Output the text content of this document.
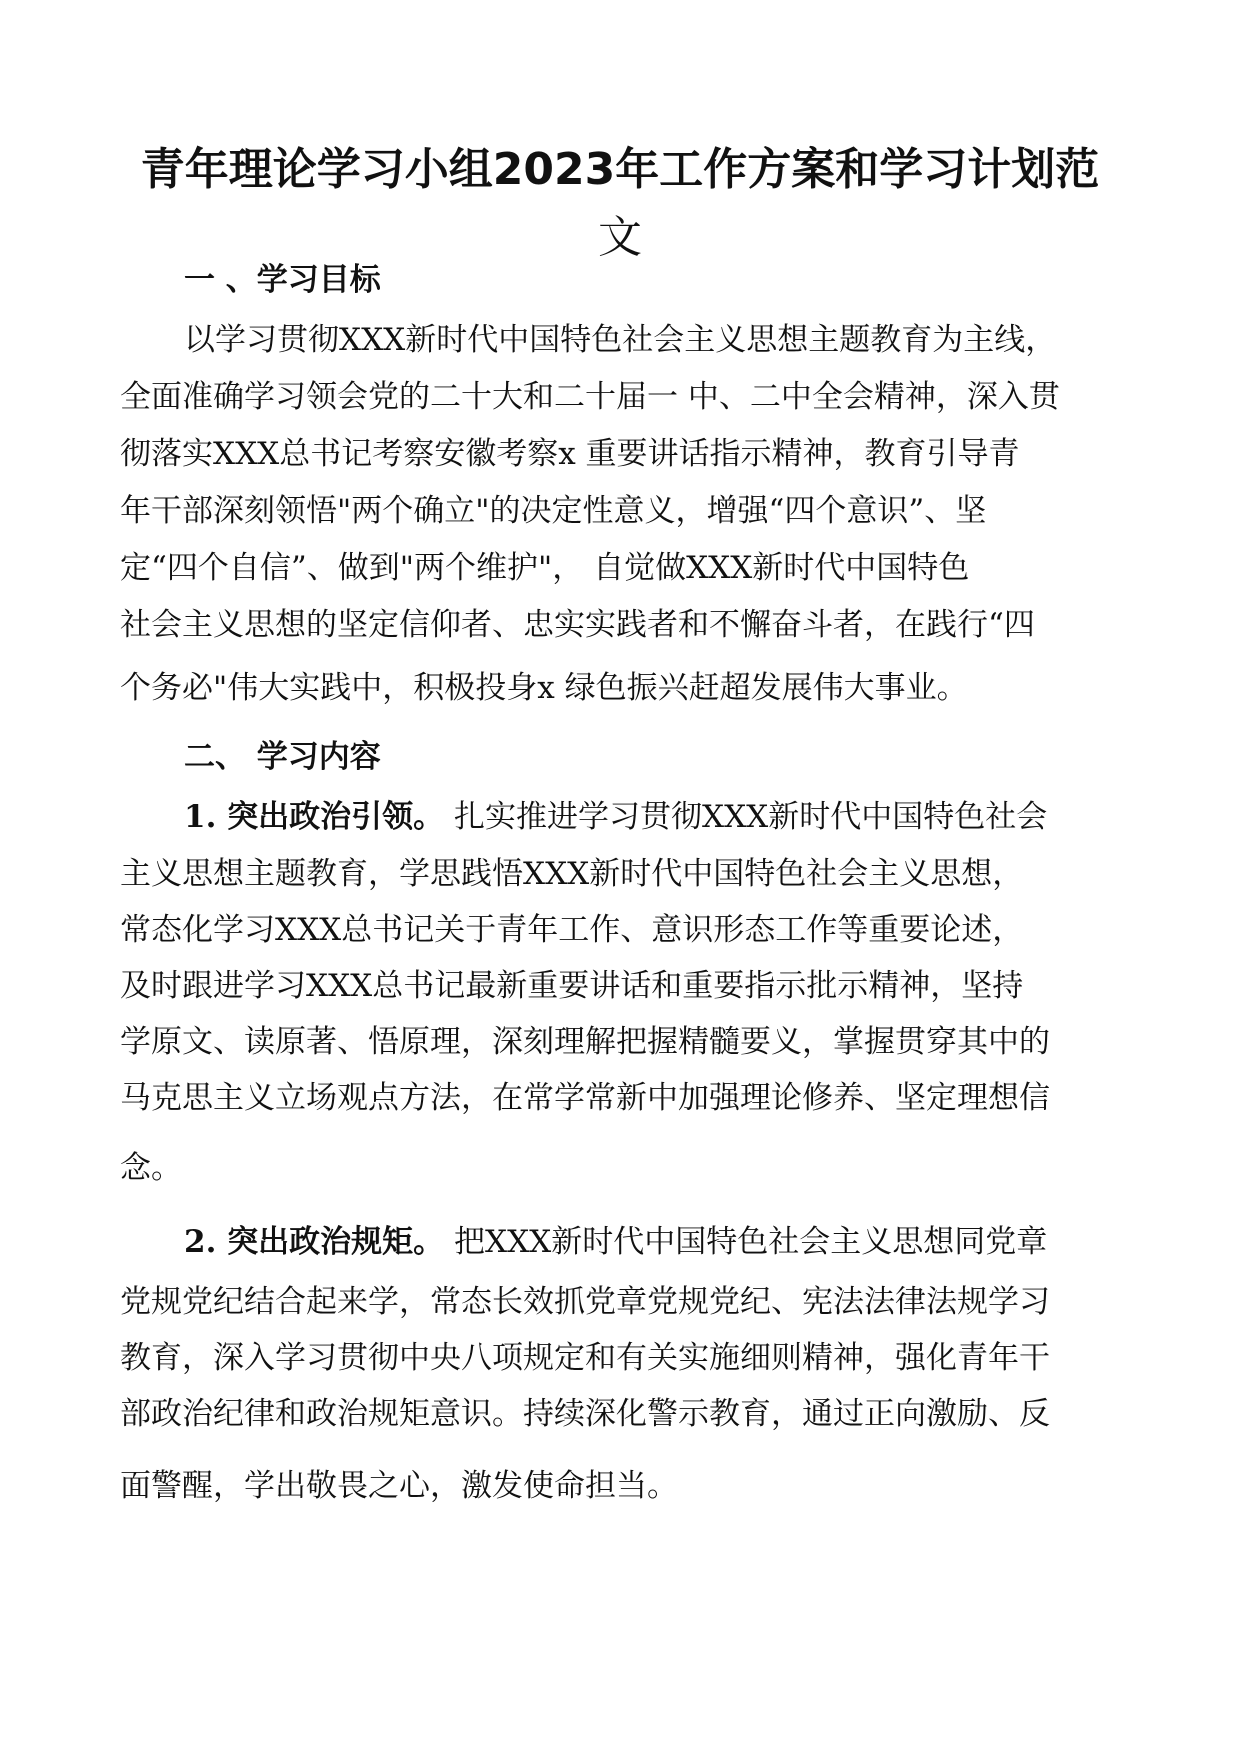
青年理论学习小组2023年工作方案和学习计划范
文
一 、学习目标
以学习贯彻XXX新时代中国特色社会主义思想主题教育为主线，
全面准确学习领会党的二十大和二十届一 中、二中全会精神，深入贯
彻落实XXX总书记考察安徽考察x 重要讲话指示精神，教育引导青
年干部深刻领悟"两个确立"的决定性意义，增强“四个意识”、坚
定“四个自信”、做到"两个维护"， 自觉做XXX新时代中国特色
社会主义思想的坚定信仰者、忠实实践者和不懈奋斗者，在践行“四
个务必"伟大实践中，积极投身x 绿色振兴赶超发展伟大事业。
二、 学习内容
1. 突出政治引领。 扎实推进学习贯彻XXX新时代中国特色社会
主义思想主题教育，学思践悟XXX新时代中国特色社会主义思想，
常态化学习XXX总书记关于青年工作、意识形态工作等重要论述，
及时跟进学习XXX总书记最新重要讲话和重要指示批示精神，坚持
学原文、读原著、悟原理，深刻理解把握精髓要义，掌握贯穿其中的
马克思主义立场观点方法，在常学常新中加强理论修养、坚定理想信
念。
2. 突出政治规矩。 把XXX新时代中国特色社会主义思想同党章
党规党纪结合起来学，常态长效抓党章党规党纪、宪法法律法规学习
教育，深入学习贯彻中央八项规定和有关实施细则精神，强化青年干
部政治纪律和政治规矩意识。持续深化警示教育，通过正向激励、反
面警醒，学出敬畏之心，激发使命担当。
